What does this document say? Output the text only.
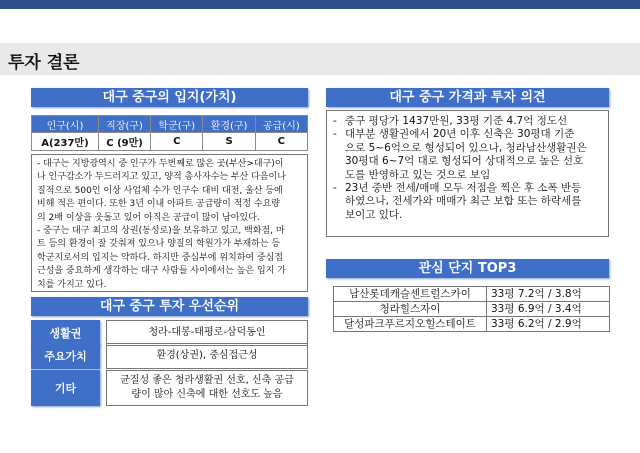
투자 결론
대구 중구의 입지(가치)
인구(시)	직장(구)	학군(구)	환경(구)	공급(시)
A(237만)	C (9만)	C	S	C

- 대구는 지방광역시 중 인구가 두번째로 많은 곳(부산>대구)이

나 인구감소가 두드러지고 있고, 양적 총사자수는 부산 다음이나

질적으로 500인 이상 사업체 수가 인구수 대비 대전, 울산 등에

비해 적은 편이다. 또한 3년 이내 아파트 공급량이 적정 수요량

의 2배 이상을 웃돌고 있어 아직은 공급이 많이 남아있다.

- 중구는 대구 최고의 상권(동성로)을 보유하고 있고, 백화점, 마

트 등의 환경이 잘 갖춰져 있으나 양질의 학원가가 부재하는 등

학군지로서의 입지는 약하다. 하지만 중심부에 위치하여 중심접

근성을 중요하게 생각하는 대구 사람들 사이에서는 높은 입지 가

치를 가지고 있다.

대구 중구 투자 우선순위
생활권	청라-대봉-태평로-삼덕동인
주요가치	환경(상권), 중심접근성
기타
균질성 좋은 청라생활권 선호, 신축 공급
량이 많아 신축에 대한 선호도 높음
대구 중구 가격과 투자 의견
- 중구 평당가 1437만원, 33평 기준 4.7억 정도선
- 대부분 생활권에서 20년 이후 신축은 30평대 기준
으로 5~6억으로 형성되어 있으나, 청라남산생활권은
30평대 6~7억 대로 형성되어 상대적으로 높은 선호
도를 반영하고 있는 것으로 보임
- 23년 중반 전세/매매 모두 저점을 찍은 후 소폭 반등
하였으나, 전세가와 매매가 최근 보합 또는 하락세를
보이고 있다.
관심 단지 TOP3
남산롯데캐슬센트럴스카이	33평 7.2억 / 3.8억
청라힐스자이	33평 6.9억 / 3.4억
달성파크푸르지오힐스테이트	33평 6.2억 / 2.9억
